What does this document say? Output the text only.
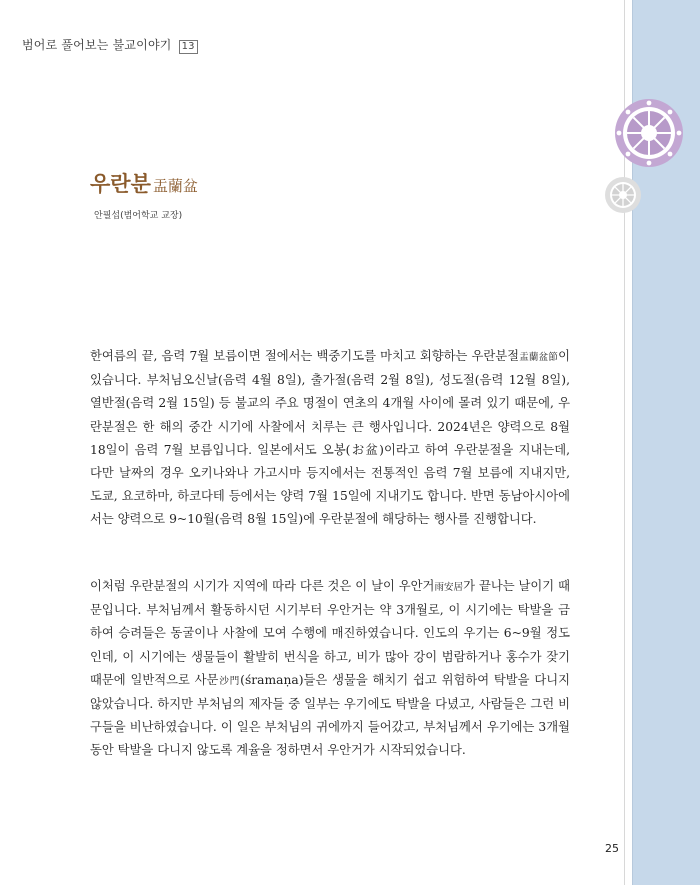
범어로 풀어보는 불교이야기 13
우란분 盂蘭盆
안필섭(범어학교 교장)
한여름의 끝, 음력 7월 보름이면 절에서는 백중기도를 마치고 회향하는 우란분절盂蘭盆節이 있습니다. 부처님오신날(음력 4월 8일), 출가절(음력 2월 8일), 성도절(음력 12월 8일), 열반절(음력 2월 15일) 등 불교의 주요 명절이 연초의 4개월 사이에 몰려 있기 때문에, 우란분절은 한 해의 중간 시기에 사찰에서 치루는 큰 행사입니다. 2024년은 양력으로 8월 18일이 음력 7월 보름입니다. 일본에서도 오봉(お盆)이라고 하여 우란분절을 지내는데, 다만 날짜의 경우 오키나와나 가고시마 등지에서는 전통적인 음력 7월 보름에 지내지만, 도쿄, 요코하마, 하코다테 등에서는 양력 7월 15일에 지내기도 합니다. 반면 동남아시아에서는 양력으로 9~10월(음력 8월 15일)에 우란분절에 해당하는 행사를 진행합니다.
이처럼 우란분절의 시기가 지역에 따라 다른 것은 이 날이 우안거雨安居가 끝나는 날이기 때문입니다. 부처님께서 활동하시던 시기부터 우안거는 약 3개월로, 이 시기에는 탁발을 금하여 승려들은 동굴이나 사찰에 모여 수행에 매진하였습니다. 인도의 우기는 6~9월 정도인데, 이 시기에는 생물들이 활발히 번식을 하고, 비가 많아 강이 범람하거나 홍수가 잦기 때문에 일반적으로 사문沙門(śramaṇa)들은 생물을 해치기 쉽고 위험하여 탁발을 다니지 않았습니다. 하지만 부처님의 제자들 중 일부는 우기에도 탁발을 다녔고, 사람들은 그런 비구들을 비난하였습니다. 이 일은 부처님의 귀에까지 들어갔고, 부처님께서 우기에는 3개월 동안 탁발을 다니지 않도록 계율을 정하면서 우안거가 시작되었습니다.
25
